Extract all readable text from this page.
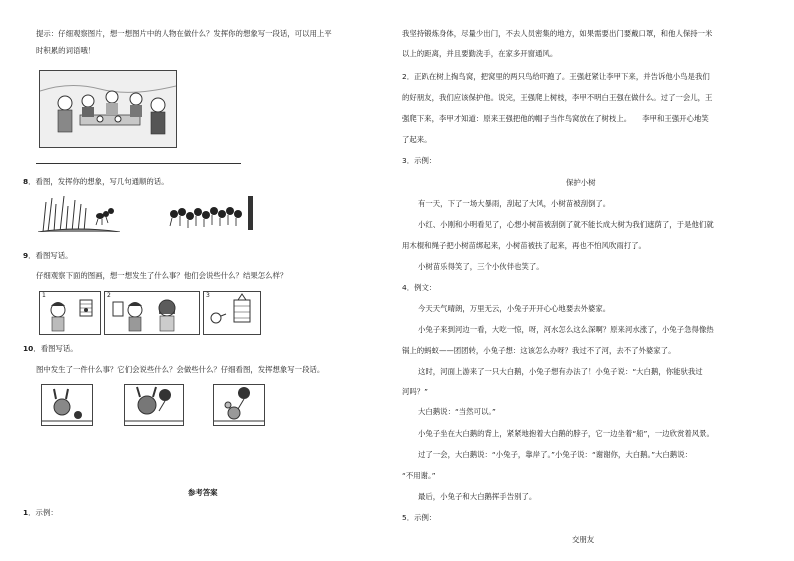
提示：仔细观察图片，想一想图片中的人物在做什么？发挥你的想象写一段话，可以用上平
时积累的词语哦！
8．看图，发挥你的想象，写几句通顺的话。
9．看图写话。
仔细观察下面的图画，想一想发生了什么事？他们会说些什么？结果怎么样？
1	2	3
10．看图写话。
图中发生了一件什么事？它们会说些什么？会做些什么？仔细看图，发挥想象写一段话。
参考答案
1．示例：
我坚持锻炼身体，尽量少出门，不去人员密集的地方，如果需要出门要戴口罩，和他人保持一米
以上的距离，并且要勤洗手，在家多开窗通风。
2．正趴在树上掏鸟窝，把窝里的两只鸟给吓跑了。王强赶紧让李甲下来，并告诉他小鸟是我们
的好朋友，我们应该保护他。说完，王强爬上树枝，李甲不明白王强在做什么。过了一会儿，王
强爬下来，李甲才知道：原来王强把他的帽子当作鸟窝放在了树枝上。　　李甲和王强开心地笑
了起来。
3．示例：
保护小树
有一天，下了一场大暴雨，刮起了大风，小树苗被刮倒了。
小红、小刚和小明看见了，心想小树苗被刮倒了就不能长成大树为我们遮荫了，于是他们就
用木棍和绳子把小树苗绑起来，小树苗被扶了起来，再也不怕风吹雨打了。
小树苗乐得笑了，三个小伙伴也笑了。
4．例文：
今天天气晴朗，万里无云，小兔子开开心心地要去外婆家。
小兔子来到河边一看，大吃一惊，呀，河水怎么这么深啊？原来河水涨了，小兔子急得像热
锅上的蚂蚁——团团转，小兔子想：这该怎么办呀？我过不了河，去不了外婆家了。
这时，河面上游来了一只大白鹅，小兔子想有办法了！小兔子说：“大白鹅，你能驮我过
河吗？”
大白鹅说：“当然可以。”
小兔子坐在大白鹅的背上，紧紧地抱着大白鹅的脖子，它一边坐着“船”，一边欣赏着风景。
过了一会，大白鹅说：“小兔子，靠岸了。”小兔子说：“谢谢你，大白鹅。”大白鹅说：
“不用谢。”
最后，小兔子和大白鹅挥手告别了。
5．示例：
交朋友
